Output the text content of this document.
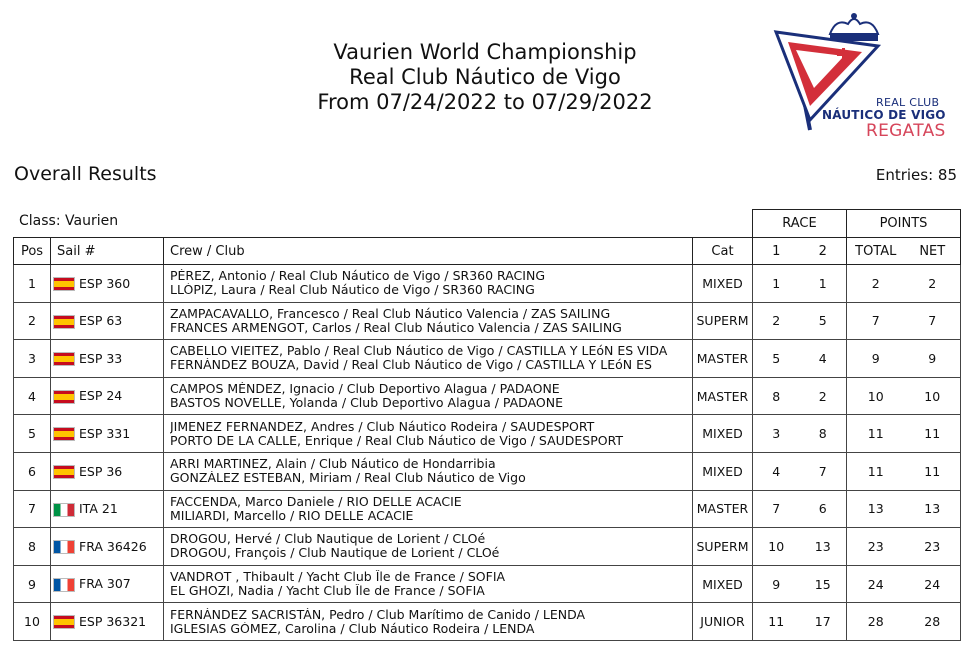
Vaurien World Championship
Real Club Náutico de Vigo
From 07/24/2022 to 07/29/2022	REAL CLUB
NÁUTICO DE VIGO
REGATAS
Overall Results	Entries: 85
Class: Vaurien
				RACE		POINTS	
Pos	Sail #	Crew / Club	Cat	1	2	TOTAL	NET
1	ESP 360	PÉREZ, Antonio / Real Club Náutico de Vigo / SR360 RACING
LLÓPIZ, Laura / Real Club Náutico de Vigo / SR360 RACING	MIXED	1	1	2	2
2	ESP 63	ZAMPACAVALLO, Francesco / Real Club Náutico Valencia / ZAS SAILING
FRANCES ARMENGOT, Carlos / Real Club Náutico Valencia / ZAS SAILING	SUPERM	2	5	7	7
3	ESP 33	CABELLO VIEITEZ, Pablo / Real Club Náutico de Vigo / CASTILLA Y LEóN ES VIDA
FERNÁNDEZ BOUZA, David / Real Club Náutico de Vigo / CASTILLA Y LEóN ES	MASTER	5	4	9	9
4	ESP 24	CAMPOS MÉNDEZ, Ignacio / Club Deportivo Alagua / PADAONE
BASTOS NOVELLE, Yolanda / Club Deportivo Alagua / PADAONE	MASTER	8	2	10	10
5	ESP 331	JIMENEZ FERNANDEZ, Andres / Club Náutico Rodeira / SAUDESPORT
PORTO DE LA CALLE, Enrique / Real Club Náutico de Vigo / SAUDESPORT	MIXED	3	8	11	11
6	ESP 36	ARRI MARTINEZ, Alain / Club Náutico de Hondarribia
GONZÁLEZ ESTEBAN, Miriam / Real Club Náutico de Vigo	MIXED	4	7	11	11
7	ITA 21	FACCENDA, Marco Daniele / RIO DELLE ACACIE
MILIARDI, Marcello / RIO DELLE ACACIE	MASTER	7	6	13	13
8	FRA 36426	DROGOU, Hervé / Club Nautique de Lorient / CLOé
DROGOU, François / Club Nautique de Lorient / CLOé	SUPERM	10	13	23	23
9	FRA 307	VANDROT , Thibault / Yacht Club Île de France / SOFIA
EL GHOZI, Nadia / Yacht Club Île de France / SOFIA	MIXED	9	15	24	24
10	ESP 36321	FERNÁNDEZ SACRISTÁN, Pedro / Club Marítimo de Canido / LENDA
IGLESIAS GÓMEZ, Carolina / Club Náutico Rodeira / LENDA	JUNIOR	11	17	28	28
